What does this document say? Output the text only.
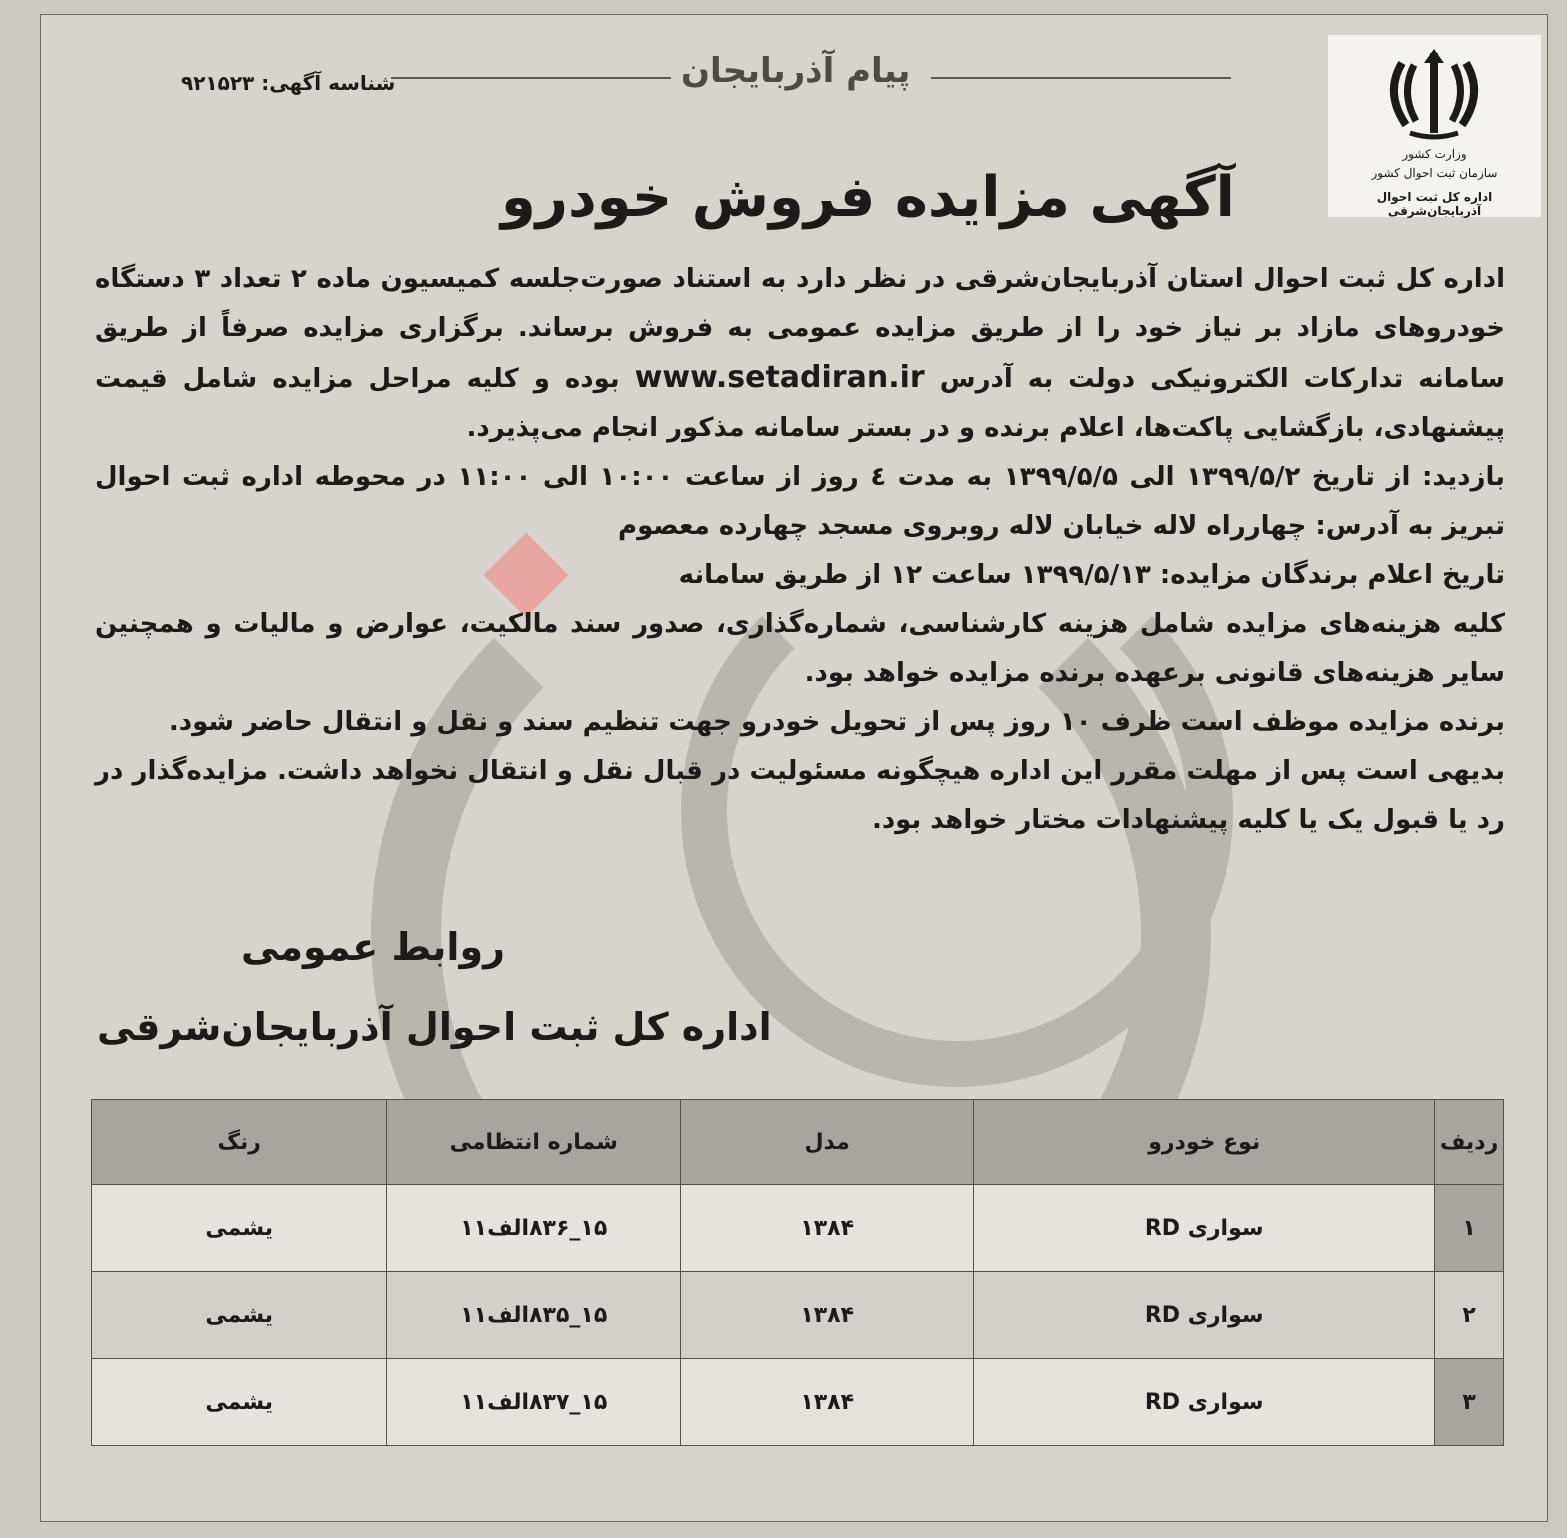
وزارت کشور
سازمان ثبت احوال کشور
اداره کل ثبت احوال آذربایجان‌شرقی
پیام آذربایجان
شناسه آگهی: ۹۲۱۵۲۳
آگهی مزایده فروش خودرو

اداره کل ثبت احوال استان آذربایجان‌شرقی در نظر دارد به استناد صورت‌جلسه کمیسیون ماده ۲ تعداد ۳ دستگاه خودروهای مازاد بر نیاز خود را از طریق مزایده عمومی به فروش برساند. برگزاری مزایده صرفاً از طریق سامانه تدارکات الکترونیکی دولت به آدرس www.setadiran.ir بوده و کلیه مراحل مزایده شامل قیمت پیشنهادی، بازگشایی پاکت‌ها، اعلام برنده و در بستر سامانه مذکور انجام می‌پذیرد.

بازدید: از تاریخ ۱۳۹۹/۵/۲ الی ۱۳۹۹/۵/۵ به مدت ٤ روز از ساعت ۱۰:۰۰ الی ۱۱:۰۰ در محوطه اداره ثبت احوال تبریز به آدرس: چهارراه لاله خیابان لاله روبروی مسجد چهارده معصوم

تاریخ اعلام برندگان مزایده: ۱۳۹۹/۵/۱۳ ساعت ۱۲ از طریق سامانه

کلیه هزینه‌های مزایده شامل هزینه کارشناسی، شماره‌گذاری، صدور سند مالکیت، عوارض و مالیات و همچنین سایر هزینه‌های قانونی برعهده برنده مزایده خواهد بود.

برنده مزایده موظف است ظرف ۱۰ روز پس از تحویل خودرو جهت تنظیم سند و نقل و انتقال حاضر شود.

بدیهی است پس از مهلت مقرر این اداره هیچگونه مسئولیت در قبال نقل و انتقال نخواهد داشت. مزایده‌گذار در رد یا قبول یک یا کلیه پیشنهادات مختار خواهد بود.

روابط عمومی
اداره کل ثبت احوال آذربایجان‌شرقی
ردیف	نوع خودرو	مدل	شماره انتظامی	رنگ
۱	سواری RD	۱۳۸۴	۱۵_۸۳۶الف۱۱	یشمی
۲	سواری RD	۱۳۸۴	۱۵_۸۳۵الف۱۱	یشمی
۳	سواری RD	۱۳۸۴	۱۵_۸۳۷الف۱۱	یشمی
